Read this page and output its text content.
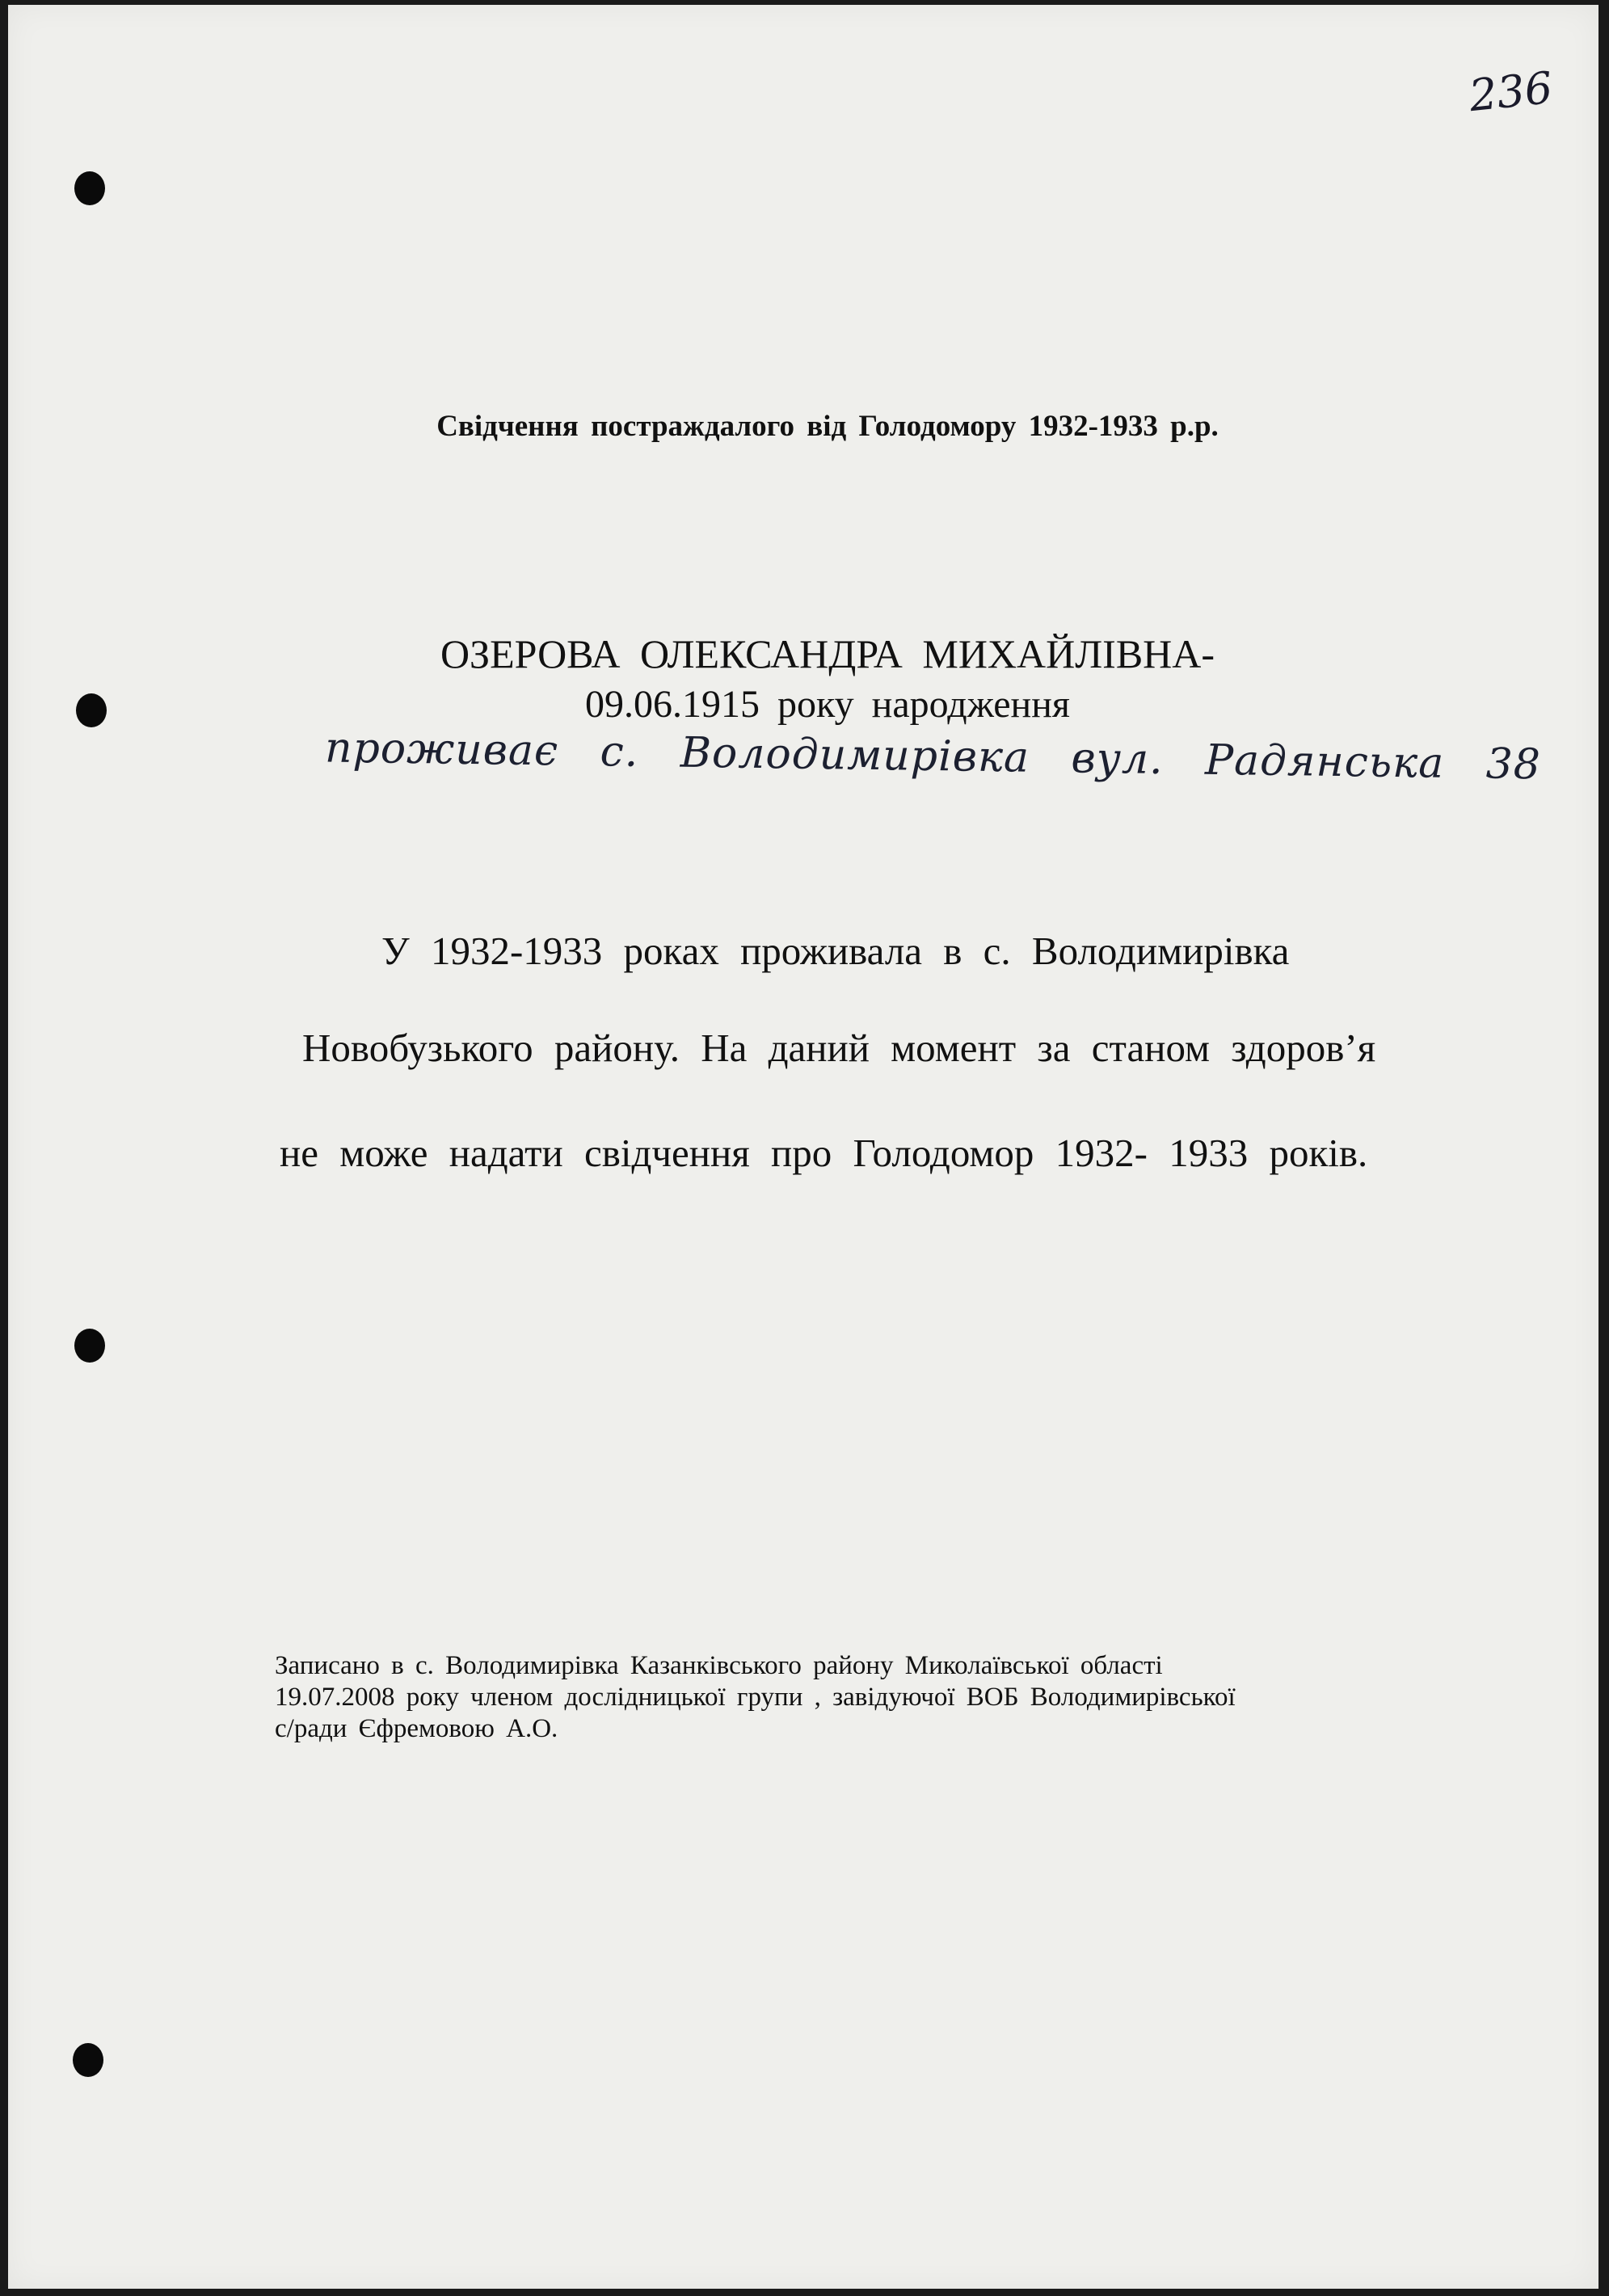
236
Свідчення постраждалого від Голодомору 1932-1933 р.р.
ОЗЕРОВА ОЛЕКСАНДРА МИХАЙЛІВНА-
09.06.1915 року народження
проживає с. Володимирівка вул. Радянська 38
У 1932-1933 роках проживала в с. Володимирівка
Новобузького району. На даний момент за станом здоров’я
не може надати свідчення про Голодомор 1932- 1933 років.
Записано в с. Володимирівка Казанківського району Миколаївської області
19.07.2008 року членом дослідницької групи , завідуючої ВОБ Володимирівської
с/ради Єфремовою А.О.
